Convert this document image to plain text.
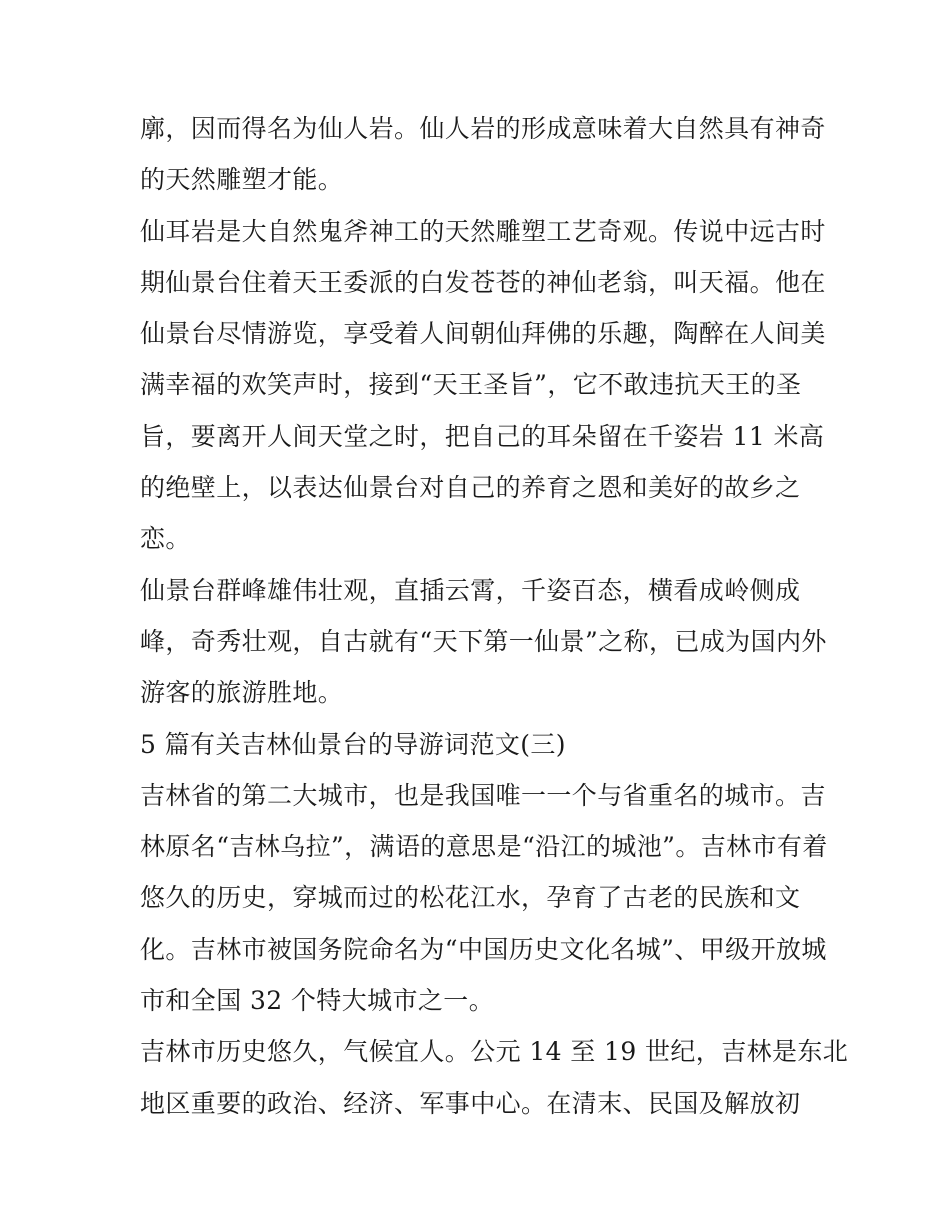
廓，因而得名为仙人岩。仙人岩的形成意味着大自然具有神奇
的天然雕塑才能。
仙耳岩是大自然鬼斧神工的天然雕塑工艺奇观。传说中远古时
期仙景台住着天王委派的白发苍苍的神仙老翁，叫天福。他在
仙景台尽情游览，享受着人间朝仙拜佛的乐趣，陶醉在人间美
满幸福的欢笑声时，接到“天王圣旨”，它不敢违抗天王的圣
旨，要离开人间天堂之时，把自己的耳朵留在千姿岩 11 米高
的绝壁上，以表达仙景台对自己的养育之恩和美好的故乡之
恋。
仙景台群峰雄伟壮观，直插云霄，千姿百态，横看成岭侧成
峰，奇秀壮观，自古就有“天下第一仙景”之称，已成为国内外
游客的旅游胜地。
5 篇有关吉林仙景台的导游词范文(三)
吉林省的第二大城市，也是我国唯一一个与省重名的城市。吉
林原名“吉林乌拉”，满语的意思是“沿江的城池”。吉林市有着
悠久的历史，穿城而过的松花江水，孕育了古老的民族和文
化。吉林市被国务院命名为“中国历史文化名城”、甲级开放城
市和全国 32 个特大城市之一。
吉林市历史悠久，气候宜人。公元 14 至 19 世纪，吉林是东北
地区重要的政治、经济、军事中心。在清末、民国及解放初
